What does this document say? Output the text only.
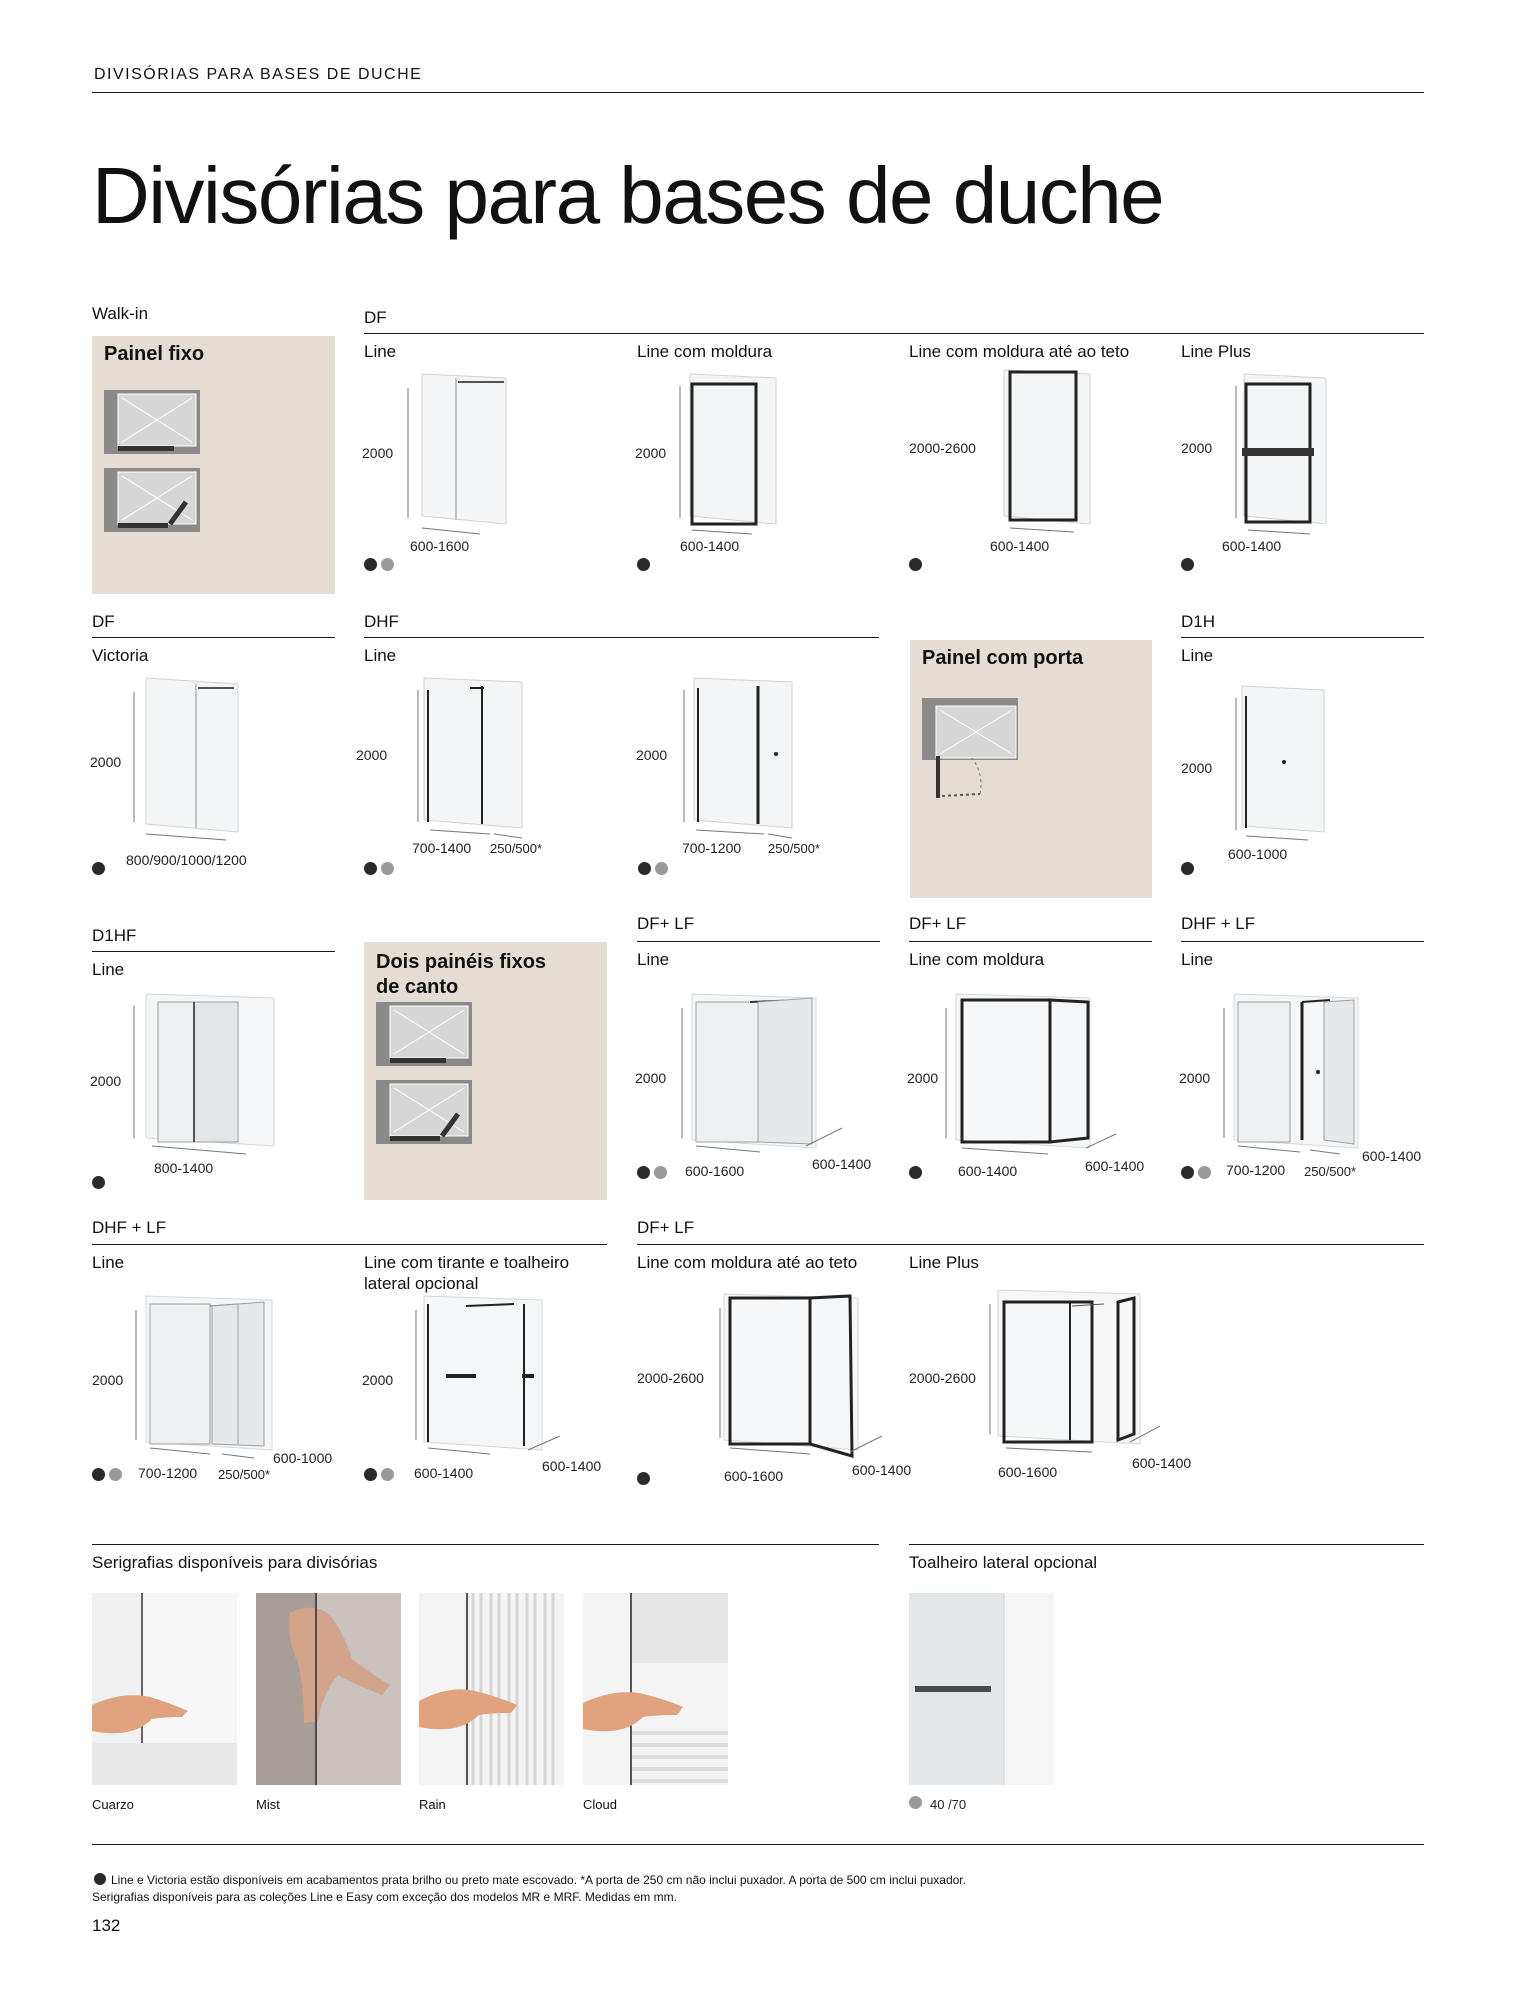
DIVISÓRIAS PARA BASES DE DUCHE
Divisórias para bases de duche
Walk-in
Painel fixo
DF
Line
2000
600-1600
Line com moldura
2000
600-1400
Line com moldura até ao teto
2000-2600
600-1400
Line Plus
2000
600-1400
DF
Victoria
2000
800/900/1000/1200
DHF
Line
2000
700-1400 250/500*
2000
700-1200 250/500*
Painel com porta
D1H
Line
2000
600-1000
D1HF
Line
2000
800-1400
Dois painéis fixos
de canto
DF+ LF
Line
2000
600-1600	600-1400
DF+ LF
Line com moldura
2000
600-1400	600-1400
DHF + LF
Line
2000
700-1200 250/500*
600-1400
DHF + LF
Line
2000
700-1200 250/500*
600-1000
Line com tirante e toalheiro
lateral opcional
2000
600-1400	600-1400
DF+ LF
Line com moldura até ao teto
2000-2600
600-1600	600-1400
Line Plus
2000-2600
600-1600
600-1400
Serigrafias disponíveis para divisórias
Cuarzo	Mist	Rain	Cloud
Toalheiro lateral opcional
40 /70
Line e Victoria estão disponíveis em acabamentos prata brilho ou preto mate escovado. *A porta de 250 cm não inclui puxador. A porta de 500 cm inclui puxador.
Serigrafias disponíveis para as coleções Line e Easy com exceção dos modelos MR e MRF. Medidas em mm.
132
